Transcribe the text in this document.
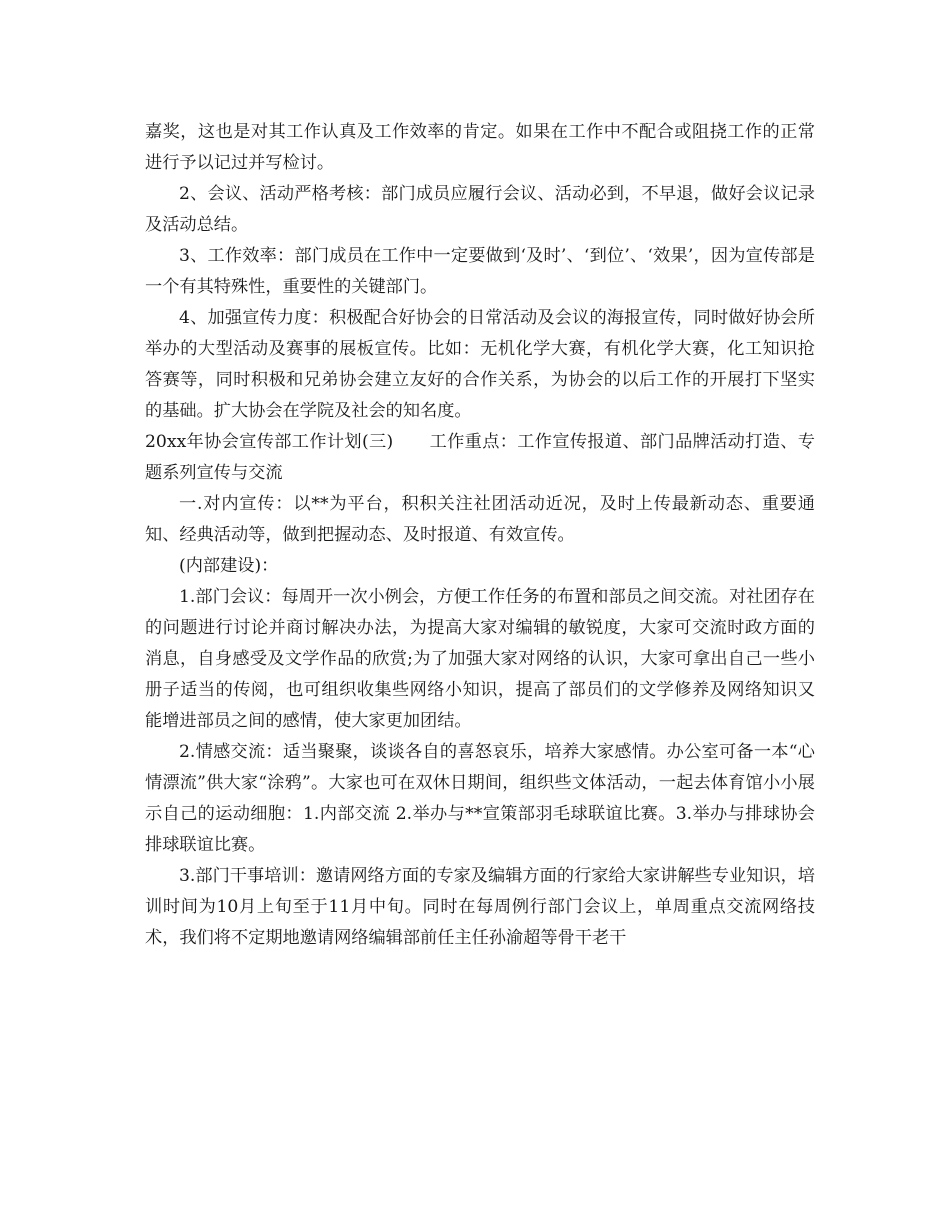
嘉奖，这也是对其工作认真及工作效率的肯定。如果在工作中不配合或阻挠工作的正常进行予以记过并写检讨。

2、会议、活动严格考核：部门成员应履行会议、活动必到，不早退，做好会议记录及活动总结。

3、工作效率：部门成员在工作中一定要做到‘及时’、‘到位’、‘效果’，因为宣传部是一个有其特殊性，重要性的关键部门。

4、加强宣传力度：积极配合好协会的日常活动及会议的海报宣传，同时做好协会所举办的大型活动及赛事的展板宣传。比如：无机化学大赛，有机化学大赛，化工知识抢答赛等，同时积极和兄弟协会建立友好的合作关系，为协会的以后工作的开展打下坚实的基础。扩大协会在学院及社会的知名度。

20xx年协会宣传部工作计划(三) 工作重点：工作宣传报道、部门品牌活动打造、专题系列宣传与交流

一.对内宣传：以**为平台，积积关注社团活动近况，及时上传最新动态、重要通知、经典活动等，做到把握动态、及时报道、有效宣传。

(内部建设)：

1.部门会议：每周开一次小例会，方便工作任务的布置和部员之间交流。对社团存在的问题进行讨论并商讨解决办法，为提高大家对编辑的敏锐度，大家可交流时政方面的消息，自身感受及文学作品的欣赏;为了加强大家对网络的认识，大家可拿出自己一些小册子适当的传阅，也可组织收集些网络小知识，提高了部员们的文学修养及网络知识又能增进部员之间的感情，使大家更加团结。

2.情感交流：适当聚聚，谈谈各自的喜怒哀乐，培养大家感情。办公室可备一本“心情漂流”供大家“涂鸦”。大家也可在双休日期间，组织些文体活动，一起去体育馆小小展示自己的运动细胞：1.内部交流 2.举办与**宣策部羽毛球联谊比赛。3.举办与排球协会排球联谊比赛。

3.部门干事培训：邀请网络方面的专家及编辑方面的行家给大家讲解些专业知识，培训时间为10月上旬至于11月中旬。同时在每周例行部门会议上，单周重点交流网络技术，我们将不定期地邀请网络编辑部前任主任孙渝超等骨干老干
